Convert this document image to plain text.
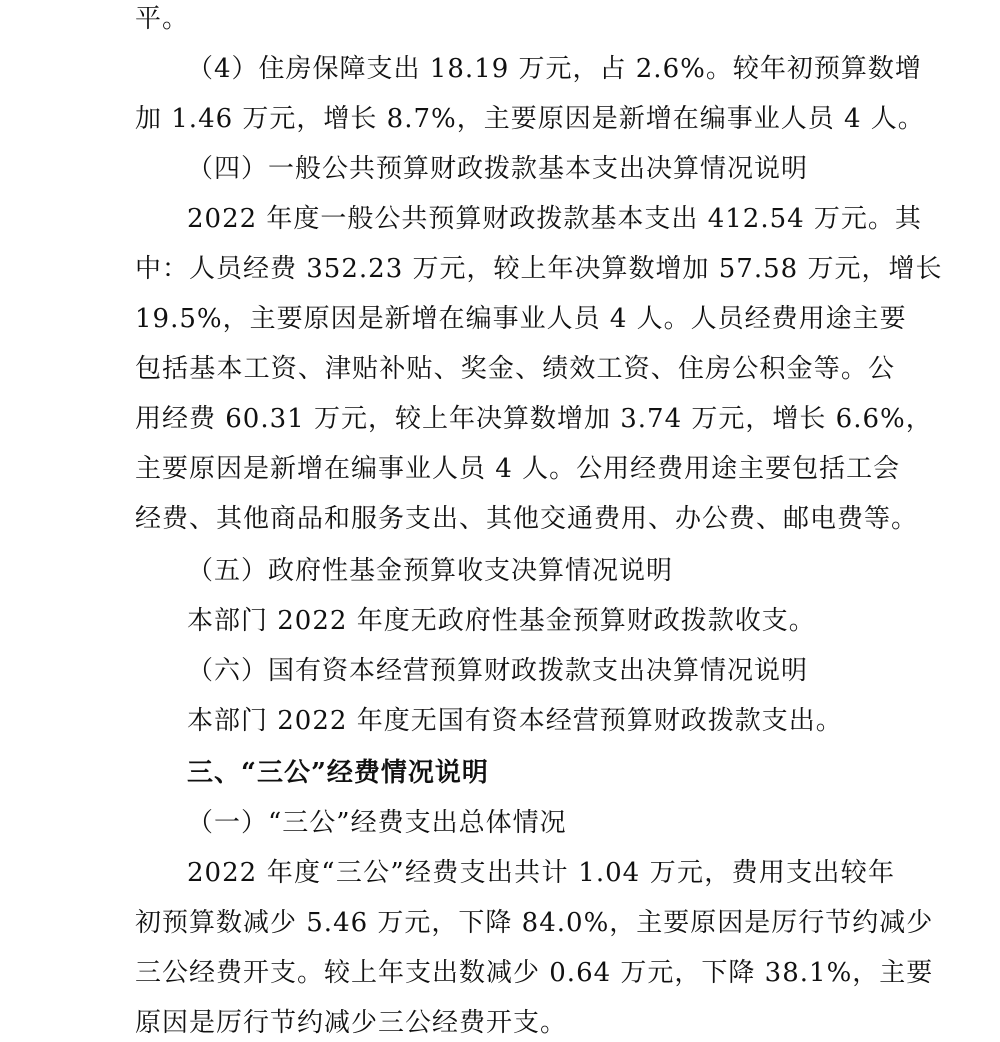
平。
（4）住房保障支出 18.19 万元，占 2.6%。较年初预算数增
加 1.46 万元，增长 8.7%，主要原因是新增在编事业人员 4 人。
（四）一般公共预算财政拨款基本支出决算情况说明
2022 年度一般公共预算财政拨款基本支出 412.54 万元。其
中：人员经费 352.23 万元，较上年决算数增加 57.58 万元，增长
19.5%，主要原因是新增在编事业人员 4 人。人员经费用途主要
包括基本工资、津贴补贴、奖金、绩效工资、住房公积金等。公
用经费 60.31 万元，较上年决算数增加 3.74 万元，增长 6.6%，
主要原因是新增在编事业人员 4 人。公用经费用途主要包括工会
经费、其他商品和服务支出、其他交通费用、办公费、邮电费等。
（五）政府性基金预算收支决算情况说明
本部门 2022 年度无政府性基金预算财政拨款收支。
（六）国有资本经营预算财政拨款支出决算情况说明
本部门 2022 年度无国有资本经营预算财政拨款支出。
三、“三公”经费情况说明
（一）“三公”经费支出总体情况
2022 年度“三公”经费支出共计 1.04 万元，费用支出较年
初预算数减少 5.46 万元，下降 84.0%，主要原因是厉行节约减少
三公经费开支。较上年支出数减少 0.64 万元，下降 38.1%，主要
原因是厉行节约减少三公经费开支。
